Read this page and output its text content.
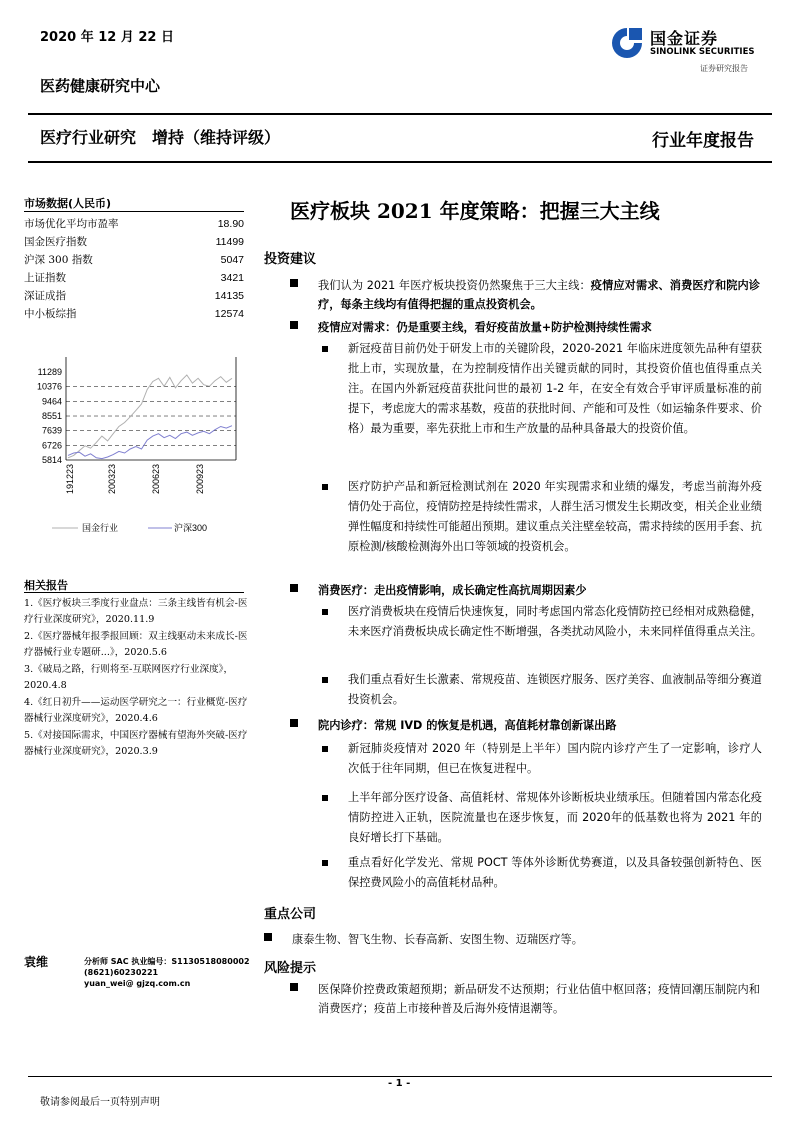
2020 年 12 月 22 日	国金证券
SINOLINK SECURITIES
证券研究报告
医药健康研究中心
医疗行业研究 增持（维持评级）	行业年度报告
市场数据(人民币)
市场优化平均市盈率	18.90
国金医疗指数	11499
沪深 300 指数	5047
上证指数	3421
深证成指	14135
中小板综指	12574
11289
10376
9464
8551
7639
6726
5814
191223	200323	200623	200923
国金行业	沪深300
相关报告
1.《医疗板块三季度行业盘点：三条主线皆有机会-医疗行业深度研究》，2020.11.9
2.《医疗器械年报季报回顾：双主线驱动未来成长-医疗器械行业专题研...》，2020.5.6
3.《破局之路，行则将至-互联网医疗行业深度》，2020.4.8
4.《红日初升——运动医学研究之一：行业概览-医疗器械行业深度研究》，2020.4.6
5.《对接国际需求，中国医疗器械有望海外突破-医疗器械行业深度研究》，2020.3.9
袁维	分析师 SAC 执业编号：S1130518080002
(8621)60230221
yuan_wei@ gjzq.com.cn
医疗板块 2021 年度策略：把握三大主线
投资建议
我们认为 2021 年医疗板块投资仍然聚焦于三大主线：疫情应对需求、消费医疗和院内诊疗，每条主线均有值得把握的重点投资机会。
疫情应对需求：仍是重要主线，看好疫苗放量+防护检测持续性需求
新冠疫苗目前仍处于研发上市的关键阶段，2020-2021 年临床进度领先品种有望获批上市，实现放量，在为控制疫情作出关键贡献的同时，其投资价值也值得重点关注。在国内外新冠疫苗获批问世的最初 1-2 年，在安全有效合乎审评质量标准的前提下，考虑庞大的需求基数，疫苗的获批时间、产能和可及性（如运输条件要求、价格）最为重要，率先获批上市和生产放量的品种具备最大的投资价值。
医疗防护产品和新冠检测试剂在 2020 年实现需求和业绩的爆发，考虑当前海外疫情仍处于高位，疫情防控是持续性需求，人群生活习惯发生长期改变，相关企业业绩弹性幅度和持续性可能超出预期。建议重点关注壁垒较高，需求持续的医用手套、抗原检测/核酸检测海外出口等领域的投资机会。
消费医疗：走出疫情影响，成长确定性高抗周期因素少
医疗消费板块在疫情后快速恢复，同时考虑国内常态化疫情防控已经相对成熟稳健，未来医疗消费板块成长确定性不断增强，各类扰动风险小，未来同样值得重点关注。
我们重点看好生长激素、常规疫苗、连锁医疗服务、医疗美容、血液制品等细分赛道投资机会。
院内诊疗：常规 IVD 的恢复是机遇，高值耗材靠创新谋出路
新冠肺炎疫情对 2020 年（特别是上半年）国内院内诊疗产生了一定影响，诊疗人次低于往年同期，但已在恢复进程中。
上半年部分医疗设备、高值耗材、常规体外诊断板块业绩承压。但随着国内常态化疫情防控进入正轨，医院流量也在逐步恢复，而 2020年的低基数也将为 2021 年的良好增长打下基础。
重点看好化学发光、常规 POCT 等体外诊断优势赛道，以及具备较强创新特色、医保控费风险小的高值耗材品种。
重点公司
康泰生物、智飞生物、长春高新、安图生物、迈瑞医疗等。
风险提示
医保降价控费政策超预期；新品研发不达预期；行业估值中枢回落；疫情回潮压制院内和消费医疗；疫苗上市接种普及后海外疫情退潮等。
- 1 -
敬请参阅最后一页特别声明
